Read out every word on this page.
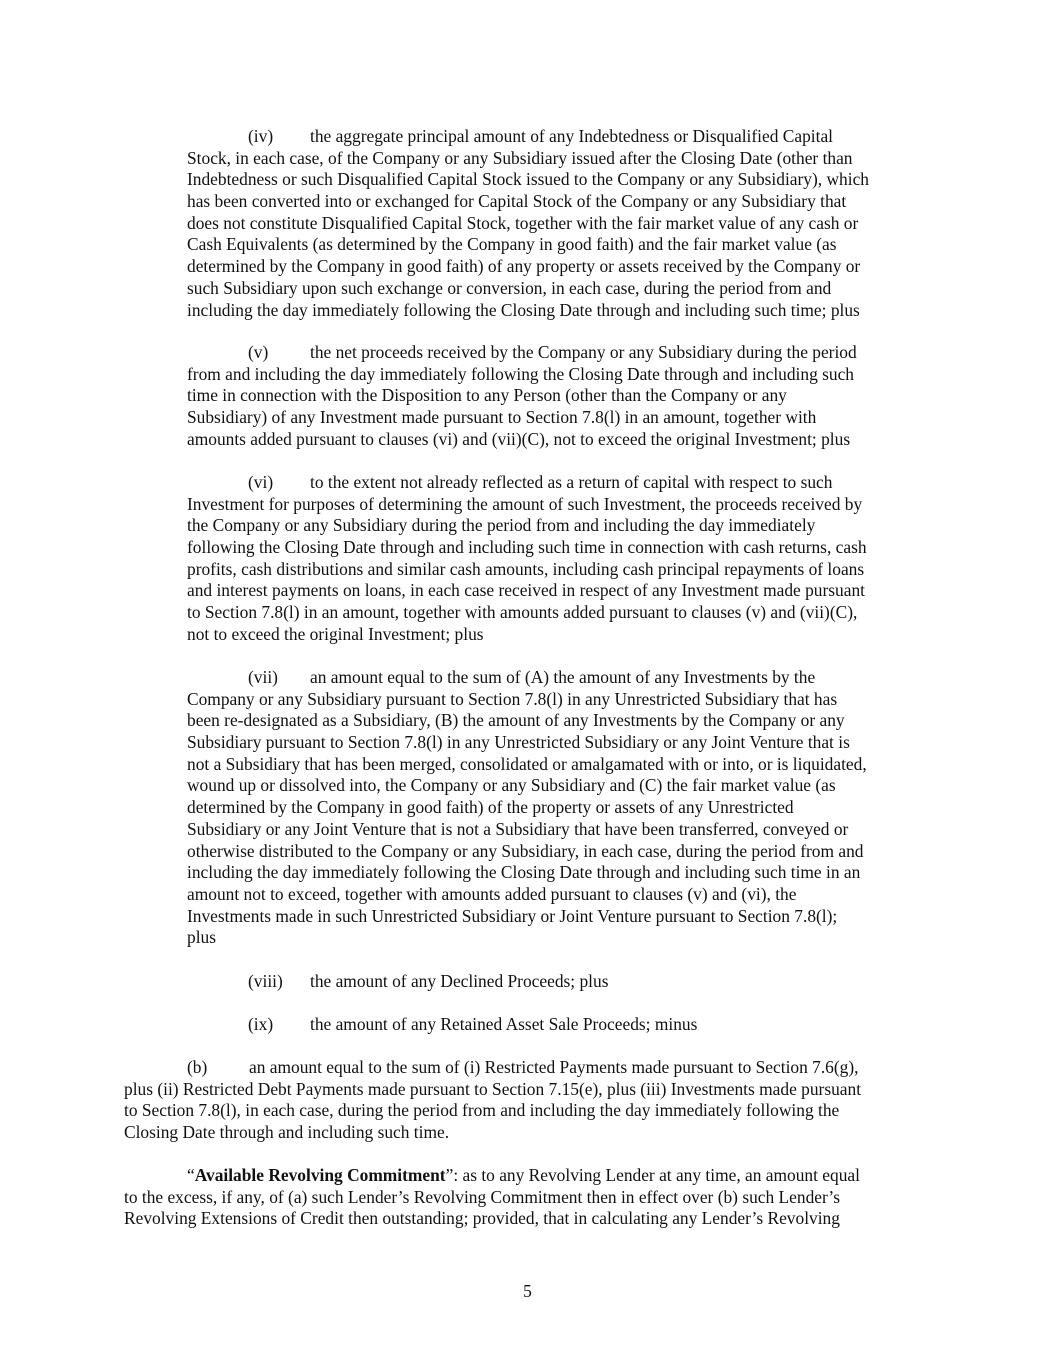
(iv) the aggregate principal amount of any Indebtedness or Disqualified Capital
Stock, in each case, of the Company or any Subsidiary issued after the Closing Date (other than
Indebtedness or such Disqualified Capital Stock issued to the Company or any Subsidiary), which
has been converted into or exchanged for Capital Stock of the Company or any Subsidiary that
does not constitute Disqualified Capital Stock, together with the fair market value of any cash or
Cash Equivalents (as determined by the Company in good faith) and the fair market value (as
determined by the Company in good faith) of any property or assets received by the Company or
such Subsidiary upon such exchange or conversion, in each case, during the period from and
including the day immediately following the Closing Date through and including such time; plus
(v) the net proceeds received by the Company or any Subsidiary during the period
from and including the day immediately following the Closing Date through and including such
time in connection with the Disposition to any Person (other than the Company or any
Subsidiary) of any Investment made pursuant to Section 7.8(l) in an amount, together with
amounts added pursuant to clauses (vi) and (vii)(C), not to exceed the original Investment; plus
(vi) to the extent not already reflected as a return of capital with respect to such
Investment for purposes of determining the amount of such Investment, the proceeds received by
the Company or any Subsidiary during the period from and including the day immediately
following the Closing Date through and including such time in connection with cash returns, cash
profits, cash distributions and similar cash amounts, including cash principal repayments of loans
and interest payments on loans, in each case received in respect of any Investment made pursuant
to Section 7.8(l) in an amount, together with amounts added pursuant to clauses (v) and (vii)(C),
not to exceed the original Investment; plus
(vii) an amount equal to the sum of (A) the amount of any Investments by the
Company or any Subsidiary pursuant to Section 7.8(l) in any Unrestricted Subsidiary that has
been re-designated as a Subsidiary, (B) the amount of any Investments by the Company or any
Subsidiary pursuant to Section 7.8(l) in any Unrestricted Subsidiary or any Joint Venture that is
not a Subsidiary that has been merged, consolidated or amalgamated with or into, or is liquidated,
wound up or dissolved into, the Company or any Subsidiary and (C) the fair market value (as
determined by the Company in good faith) of the property or assets of any Unrestricted
Subsidiary or any Joint Venture that is not a Subsidiary that have been transferred, conveyed or
otherwise distributed to the Company or any Subsidiary, in each case, during the period from and
including the day immediately following the Closing Date through and including such time in an
amount not to exceed, together with amounts added pursuant to clauses (v) and (vi), the
Investments made in such Unrestricted Subsidiary or Joint Venture pursuant to Section 7.8(l);
plus
(viii) the amount of any Declined Proceeds; plus
(ix) the amount of any Retained Asset Sale Proceeds; minus
(b) an amount equal to the sum of (i) Restricted Payments made pursuant to Section 7.6(g),
plus (ii) Restricted Debt Payments made pursuant to Section 7.15(e), plus (iii) Investments made pursuant
to Section 7.8(l), in each case, during the period from and including the day immediately following the
Closing Date through and including such time.
“Available Revolving Commitment”: as to any Revolving Lender at any time, an amount equal
to the excess, if any, of (a) such Lender’s Revolving Commitment then in effect over (b) such Lender’s
Revolving Extensions of Credit then outstanding; provided, that in calculating any Lender’s Revolving
5
